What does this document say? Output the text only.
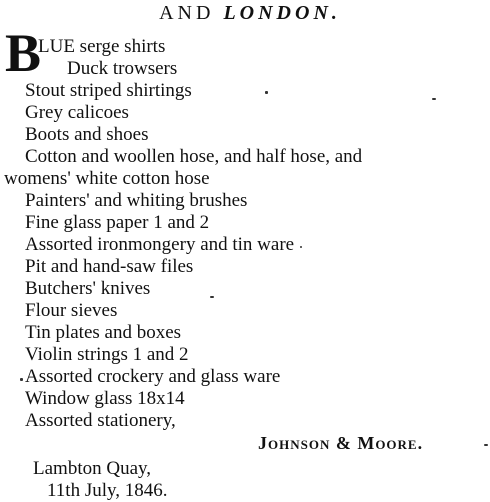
AND LONDON.
B
LUE serge shirts
Duck trowsers
Stout striped shirtings
Grey calicoes
Boots and shoes
Cotton and woollen hose, and half hose, and
womens' white cotton hose
Painters' and whiting brushes
Fine glass paper 1 and 2
Assorted ironmongery and tin ware
Pit and hand-saw files
Butchers' knives
Flour sieves
Tin plates and boxes
Violin strings 1 and 2
Assorted crockery and glass ware
Window glass 18x14
Assorted stationery,
Johnson & Moore.
Lambton Quay,
11th July, 1846.
